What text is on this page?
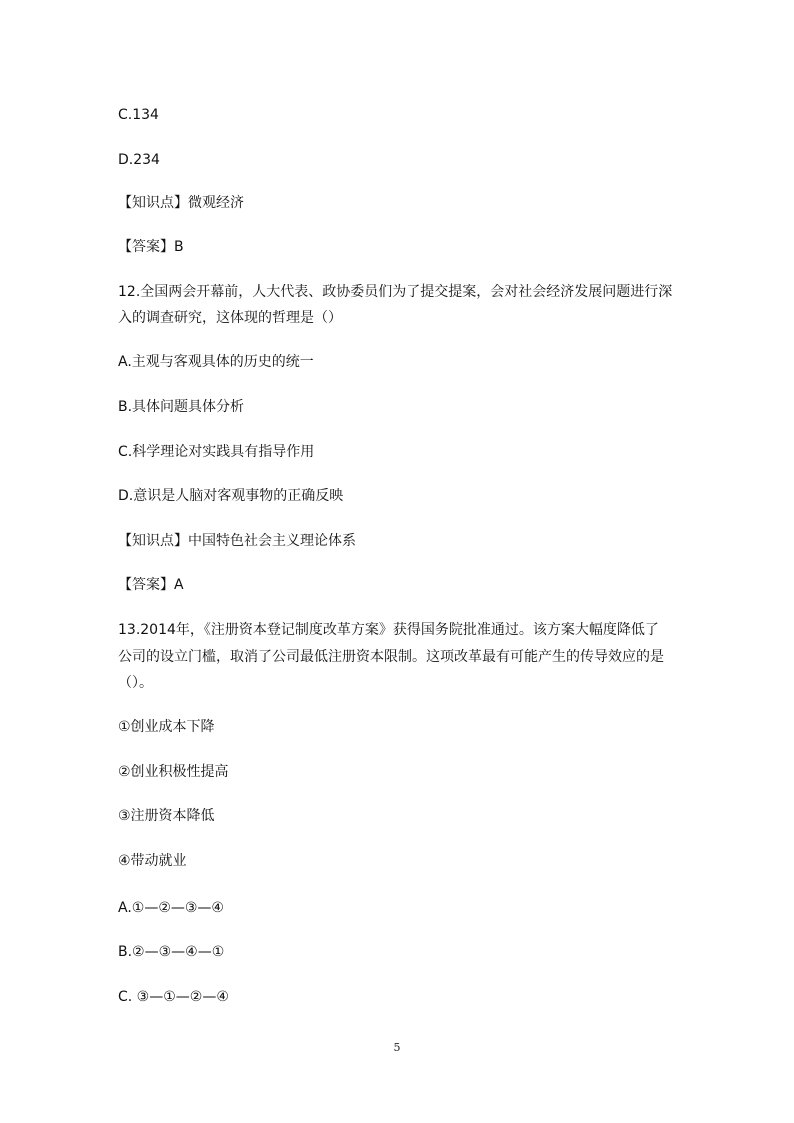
C.134
D.234
【知识点】微观经济
【答案】B
12.全国两会开幕前，人大代表、政协委员们为了提交提案，会对社会经济发展问题进行深
入的调查研究，这体现的哲理是（）
A.主观与客观具体的历史的统一
B.具体问题具体分析
C.科学理论对实践具有指导作用
D.意识是人脑对客观事物的正确反映
【知识点】中国特色社会主义理论体系
【答案】A
13.2014年，《注册资本登记制度改革方案》获得国务院批准通过。该方案大幅度降低了
公司的设立门槛，取消了公司最低注册资本限制。这项改革最有可能产生的传导效应的是
（）。
①创业成本下降
②创业积极性提高
③注册资本降低
④带动就业
A.①—②—③—④
B.②—③—④—①
C. ③—①—②—④
5
